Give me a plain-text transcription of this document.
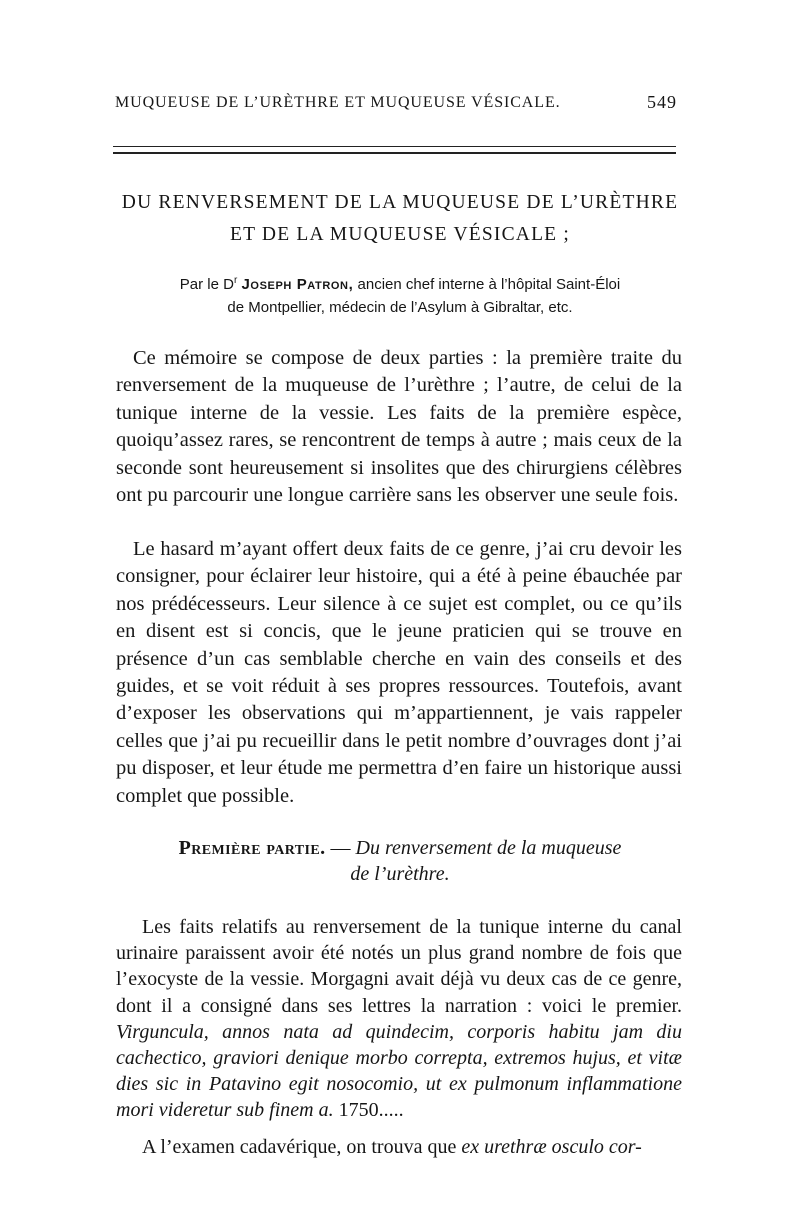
MUQUEUSE DE L’URÈTHRE ET MUQUEUSE VÉSICALE.	549
DU RENVERSEMENT DE LA MUQUEUSE DE L’URÈTHRE
ET DE LA MUQUEUSE VÉSICALE ;
Par le $D^r$ Joseph Patron, ancien chef interne à l’hôpital Saint-Éloi
de Montpellier, médecin de l’Asylum à Gibraltar, etc.
Ce mémoire se compose de deux parties : la première traite du renversement de la muqueuse de l’urèthre ; l’autre, de celui de la tunique interne de la vessie. Les faits de la première espèce, quoiqu’assez rares, se rencontrent de temps à autre ; mais ceux de la seconde sont heureusement si insolites que des chirurgiens célèbres ont pu parcourir une longue carrière sans les observer une seule fois.
Le hasard m’ayant offert deux faits de ce genre, j’ai cru devoir les consigner, pour éclairer leur histoire, qui a été à peine ébauchée par nos prédécesseurs. Leur silence à ce sujet est complet, ou ce qu’ils en disent est si concis, que le jeune praticien qui se trouve en présence d’un cas semblable cherche en vain des conseils et des guides, et se voit réduit à ses propres ressources. Toutefois, avant d’exposer les observations qui m’appartiennent, je vais rappeler celles que j’ai pu recueillir dans le petit nombre d’ouvrages dont j’ai pu disposer, et leur étude me permettra d’en faire un historique aussi complet que possible.
Première partie. — Du renversement de la muqueuse
de l’urèthre.
Les faits relatifs au renversement de la tunique interne du canal urinaire paraissent avoir été notés un plus grand nombre de fois que l’exocyste de la vessie. Morgagni avait déjà vu deux cas de ce genre, dont il a consigné dans ses lettres la narration : voici le premier. Virguncula, annos nata ad quindecim, corporis habitu jam diu cachectico, graviori denique morbo correpta, extremos hujus, et vitæ dies sic in Patavino egit nosocomio, ut ex pulmonum inflammatione mori videretur sub finem a. 1750.....
A l’examen cadavérique, on trouva que ex urethræ osculo cor-
